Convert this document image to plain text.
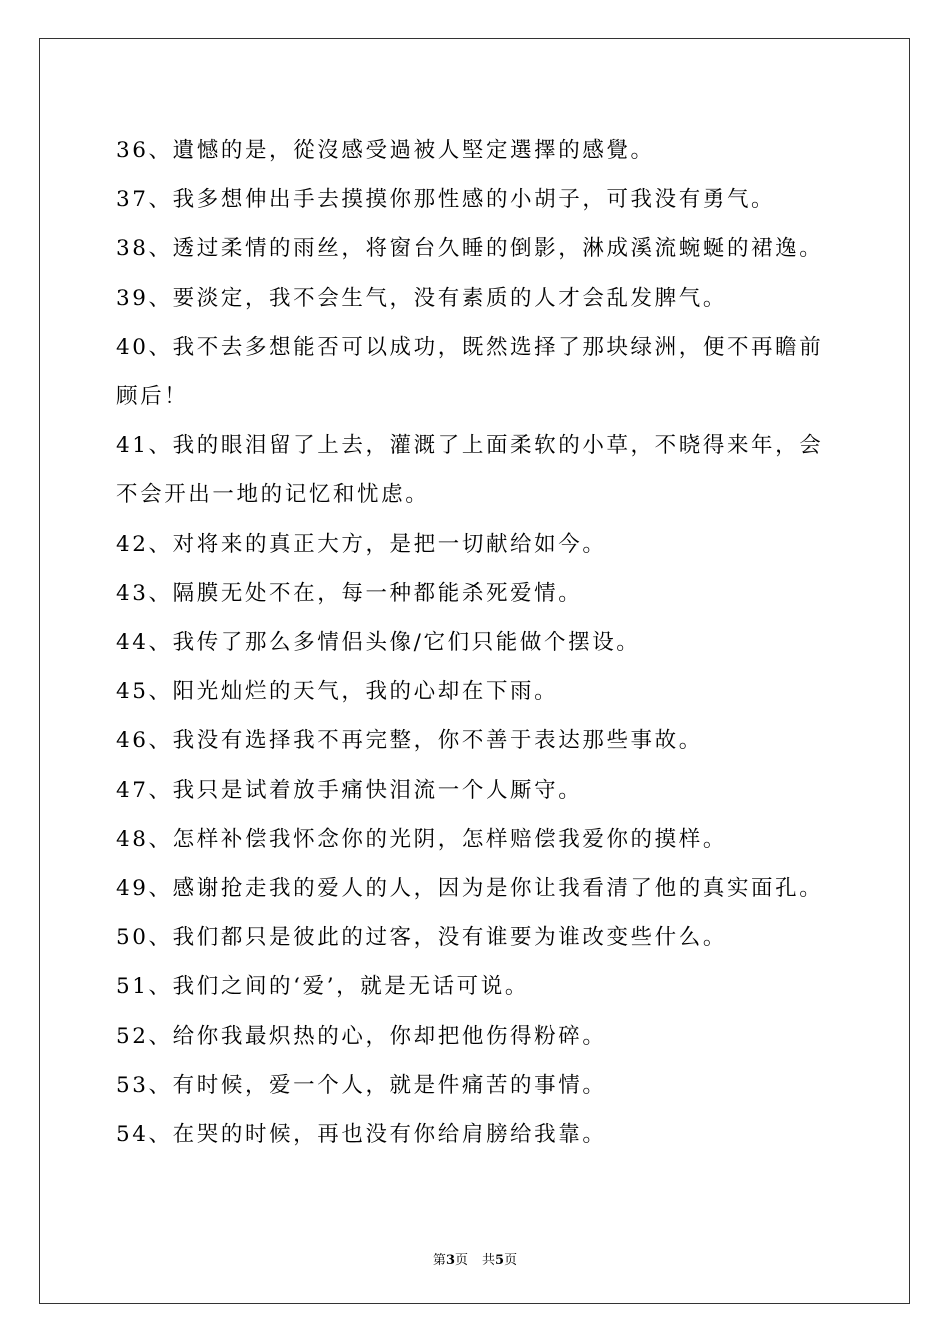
36、遺憾的是，從沒感受過被人堅定選擇的感覺。

37、我多想伸出手去摸摸你那性感的小胡子，可我没有勇气。

38、透过柔情的雨丝，将窗台久睡的倒影，淋成溪流蜿蜒的裙逸。

39、要淡定，我不会生气，没有素质的人才会乱发脾气。

40、我不去多想能否可以成功，既然选择了那块绿洲，便不再瞻前顾后！

41、我的眼泪留了上去，灌溉了上面柔软的小草，不晓得来年，会不会开出一地的记忆和忧虑。

42、对将来的真正大方，是把一切献给如今。

43、隔膜无处不在，每一种都能杀死爱情。

44、我传了那么多情侣头像/它们只能做个摆设。

45、阳光灿烂的天气，我的心却在下雨。

46、我没有选择我不再完整，你不善于表达那些事故。

47、我只是试着放手痛快泪流一个人厮守。

48、怎样补偿我怀念你的光阴，怎样赔偿我爱你的摸样。

49、感谢抢走我的爱人的人，因为是你让我看清了他的真实面孔。

50、我们都只是彼此的过客，没有谁要为谁改变些什么。

51、我们之间的‘爱’，就是无话可说。

52、给你我最炽热的心，你却把他伤得粉碎。

53、有时候，爱一个人，就是件痛苦的事情。

54、在哭的时候，再也没有你给肩膀给我靠。

第3页 共5页
